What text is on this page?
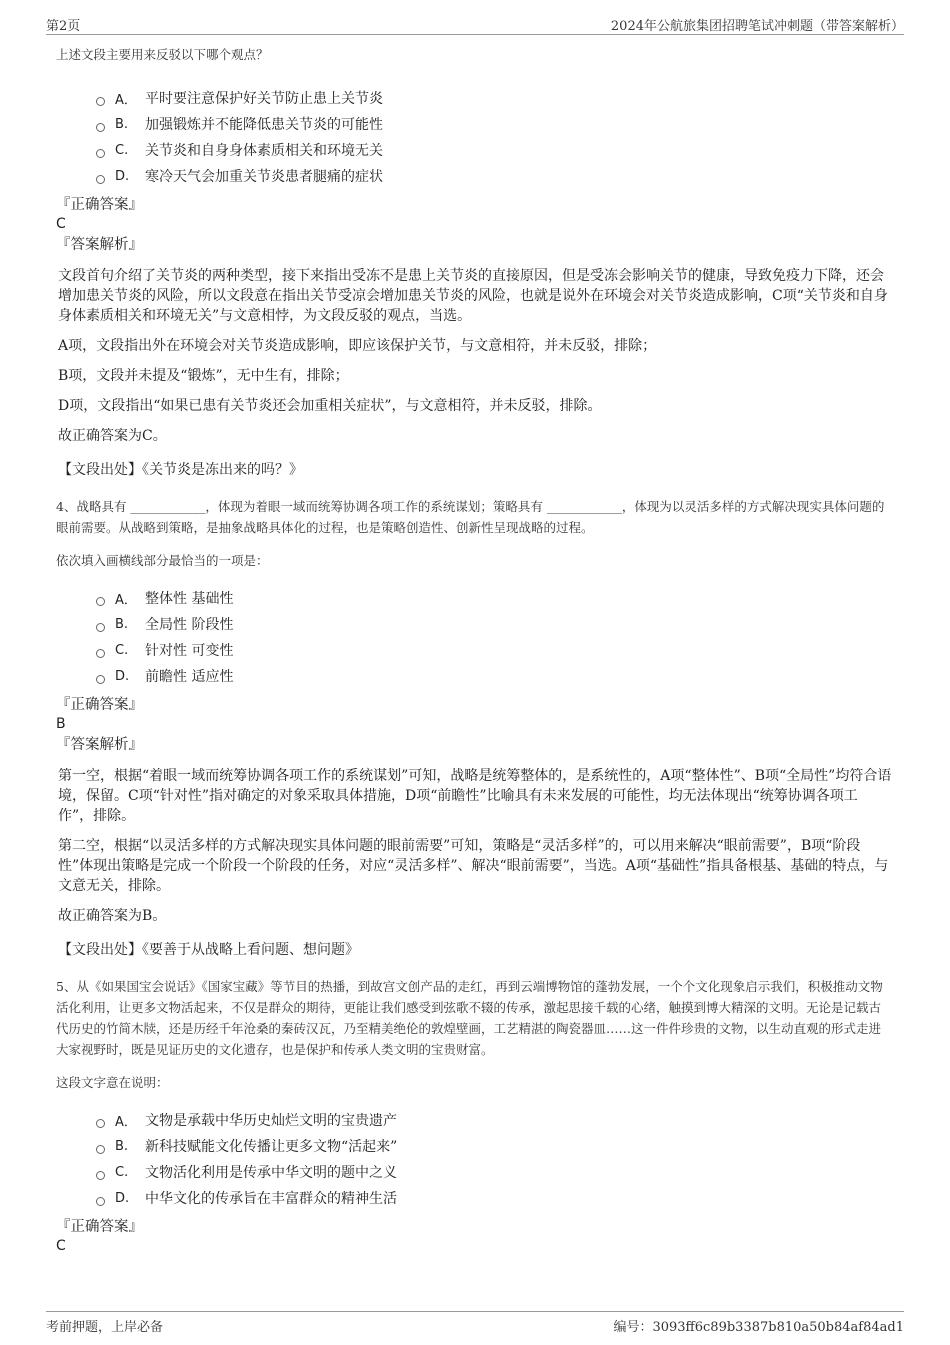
第2页	2024年公航旅集团招聘笔试冲刺题（带答案解析）

上述文段主要用来反驳以下哪个观点？

A． 平时要注意保护好关节防止患上关节炎
B.	加强锻炼并不能降低患关节炎的可能性
C.	关节炎和自身身体素质相关和环境无关
D.	寒冷天气会加重关节炎患者腿痛的症状
『正确答案』
C
『答案解析』

文段首句介绍了关节炎的两种类型，接下来指出受冻不是患上关节炎的直接原因，但是受冻会影响关节的健康，导致免疫力下降，还会增加患关节炎的风险，所以文段意在指出关节受凉会增加患关节炎的风险，也就是说外在环境会对关节炎造成影响，C项“关节炎和自身身体素质相关和环境无关”与文意相悖，为文段反驳的观点，当选。

A项，文段指出外在环境会对关节炎造成影响，即应该保护关节，与文意相符，并未反驳，排除；

B项，文段并未提及“锻炼”，无中生有，排除；

D项，文段指出“如果已患有关节炎还会加重相关症状”，与文意相符，并未反驳，排除。

故正确答案为C。

【文段出处】《关节炎是冻出来的吗？》

4、战略具有 ____________，体现为着眼一域而统筹协调各项工作的系统谋划；策略具有 ____________，体现为以灵活多样的方式解决现实具体问题的眼前需要。从战略到策略，是抽象战略具体化的过程，也是策略创造性、创新性呈现战略的过程。

依次填入画横线部分最恰当的一项是：

A． 整体性 基础性
B.	全局性 阶段性
C.	针对性 可变性
D.	前瞻性 适应性
『正确答案』
B
『答案解析』

第一空，根据“着眼一域而统筹协调各项工作的系统谋划”可知，战略是统筹整体的，是系统性的，A项“整体性”、B项“全局性”均符合语境，保留。C项“针对性”指对确定的对象采取具体措施，D项“前瞻性”比喻具有未来发展的可能性，均无法体现出“统筹协调各项工作”，排除。

第二空，根据“以灵活多样的方式解决现实具体问题的眼前需要”可知，策略是“灵活多样”的，可以用来解决“眼前需要”，B项“阶段性”体现出策略是完成一个阶段一个阶段的任务，对应“灵活多样”、解决“眼前需要”，当选。A项“基础性”指具备根基、基础的特点，与文意无关，排除。

故正确答案为B。

【文段出处】《要善于从战略上看问题、想问题》

5、从《如果国宝会说话》《国家宝藏》等节目的热播，到故宫文创产品的走红，再到云端博物馆的蓬勃发展，一个个文化现象启示我们，积极推动文物活化利用，让更多文物活起来，不仅是群众的期待，更能让我们感受到弦歌不辍的传承，激起思接千载的心绪，触摸到博大精深的文明。无论是记载古代历史的竹简木牍，还是历经千年沧桑的秦砖汉瓦，乃至精美绝伦的敦煌壁画，工艺精湛的陶瓷器皿……这一件件珍贵的文物，以生动直观的形式走进大家视野时，既是见证历史的文化遗存，也是保护和传承人类文明的宝贵财富。

这段文字意在说明：

A． 文物是承载中华历史灿烂文明的宝贵遗产
B.	新科技赋能文化传播让更多文物“活起来”
C.	文物活化利用是传承中华文明的题中之义
D.	中华文化的传承旨在丰富群众的精神生活
『正确答案』
C
考前押题，上岸必备	编号：3093ff6c89b3387b810a50b84af84ad1
